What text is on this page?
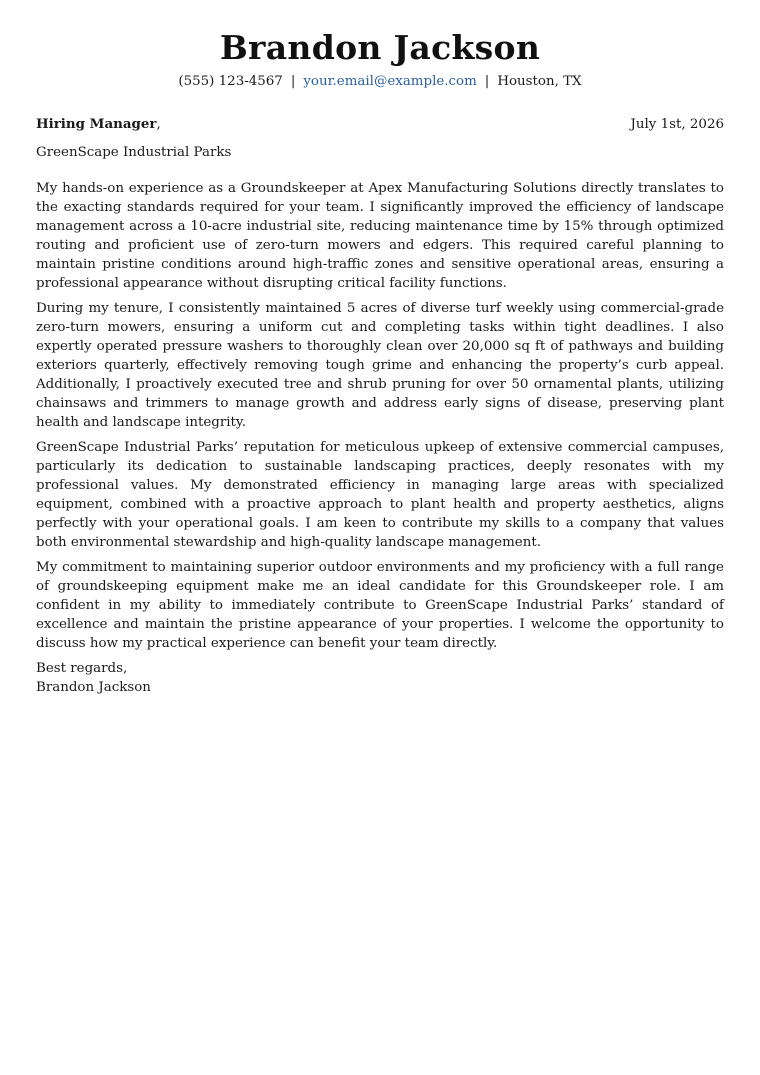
Brandon Jackson
(555) 123-4567 | your.email@example.com | Houston, TX
Hiring Manager,	July 1st, 2026
GreenScape Industrial Parks

My hands-on experience as a Groundskeeper at Apex Manufacturing Solutions directly translates to the exacting standards required for your team. I significantly improved the efficiency of landscape management across a 10-acre industrial site, reducing maintenance time by 15% through optimized routing and proficient use of zero-turn mowers and edgers. This required careful planning to maintain pristine conditions around high-traffic zones and sensitive operational areas, ensuring a professional appearance without disrupting critical facility functions.

During my tenure, I consistently maintained 5 acres of diverse turf weekly using commercial-grade zero-turn mowers, ensuring a uniform cut and completing tasks within tight deadlines. I also expertly operated pressure washers to thoroughly clean over 20,000 sq ft of pathways and building exteriors quarterly, effectively removing tough grime and enhancing the property’s curb appeal. Additionally, I proactively executed tree and shrub pruning for over 50 ornamental plants, utilizing chainsaws and trimmers to manage growth and address early signs of disease, preserving plant health and landscape integrity.

GreenScape Industrial Parks’ reputation for meticulous upkeep of extensive commercial campuses, particularly its dedication to sustainable landscaping practices, deeply resonates with my professional values. My demonstrated efficiency in managing large areas with specialized equipment, combined with a proactive approach to plant health and property aesthetics, aligns perfectly with your operational goals. I am keen to contribute my skills to a company that values both environmental stewardship and high-quality landscape management.

My commitment to maintaining superior outdoor environments and my proficiency with a full range of groundskeeping equipment make me an ideal candidate for this Groundskeeper role. I am confident in my ability to immediately contribute to GreenScape Industrial Parks’ standard of excellence and maintain the pristine appearance of your properties. I welcome the opportunity to discuss how my practical experience can benefit your team directly.

Best regards,
Brandon Jackson
